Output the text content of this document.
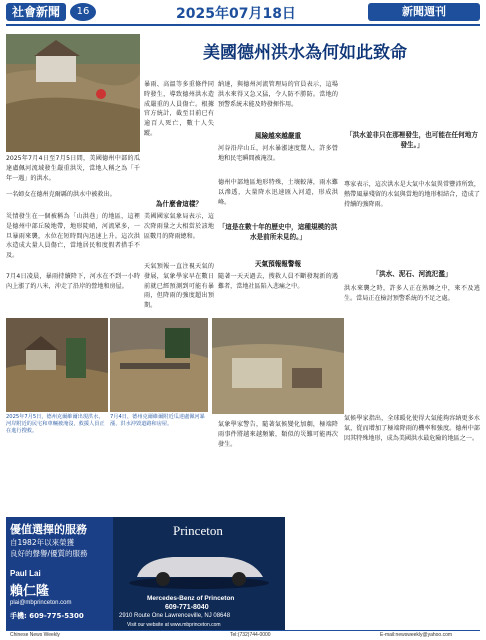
社會新聞	16	2025年07月18日	新聞週刊
美國德州洪水為何如此致命
2025年7月4日至7月5日間，美國德州中部的瓜達盧佩河流域發生嚴重洪災，當地人稱之為「千年一遇」的洪水。
一名婦女在德州克爾縣的洪水中被救出。
災情發生在一個被稱為「山洪巷」的地區，這裡是德州中部丘陵地帶，地形陡峭，河流眾多，一旦暴雨來襲，水位在短時間內迅速上升。這次洪水造成大量人員傷亡，當地居民和度假者措手不及。
7月4日凌晨，暴雨持續降下，河水在不到一小時內上漲了約八米，沖走了沿岸的營地和房屋。
2025年7月5日，德州克爾維爾出現洪水，河岸附近的民宅和車輛被淹沒，救援人員正在進行搜救。
7月4日，德州克爾維爾附近瓜達盧佩河暴漲，洪水沖毀道路和房屋。
暴雨、高溫等多重條件同時發生，導致德州洪水造成嚴重的人員傷亡。根據官方統計，截至目前已有逾百人死亡，數十人失蹤。
為什麼會這樣？
美國國家氣象局表示，這次降雨量之大相當於該地區數月的降雨總和。
天氣預報一直注視天氣的發展，氣象學家早在數日前就已經預測到可能有暴雨，但降雨的強度超出預期。
納達，與德州河流管理局的官員表示，這場洪水來得又急又猛，令人防不勝防。當地的預警系統未能及時發揮作用。
風險越來越嚴重
河谷沿岸山丘，河水暴漲速度驚人，許多營地和民宅瞬間被淹沒。
德州中部地區地形特殊，土壤較薄，雨水難以滲透，大量降水迅速匯入河道，形成洪峰。
「這是在數十年的歷史中，這種規模的洪水是前所未見的。」
天氣預報報警報
隨著一天天過去，搜救人員不斷發現新的遇難者，當地社區陷入悲痛之中。
氣象學家警告，隨著氣候變化加劇，極端降雨事件將越來越頻繁，類似的災難可能再次發生。
「洪水並非只在那裡發生，也可能在任何地方發生。」
專家表示，這次洪水是大氣中水氣異常豐沛所致，熱帶風暴殘留的水氣與當地的地形相結合，造成了持續的強降雨。
「洪水、泥石、河流氾濫」
洪水來襲之時，許多人正在熟睡之中，來不及逃生。當局正在檢討預警系統的不足之處。
氣候學家指出，全球暖化使得大氣能夠容納更多水氣，從而增加了極端降雨的機率和強度。德州中部因其特殊地形，成為美國洪水最危險的地區之一。
優值選擇的服務
自1982年以來榮獲
良好的聲譽/優質的服務
Paul Lai
賴仁隆
plai@mbprinceton.com
手機: 609-775-5300
Princeton
Mercedes-Benz of Princeton
609-771-8040
2910 Route One Lawrenceville, NJ 08648
Visit our website at www.mbprinceton.com
Chinese News Weekly	Tel:(732)744-0000	E-mail:newsweekly@yahoo.com
